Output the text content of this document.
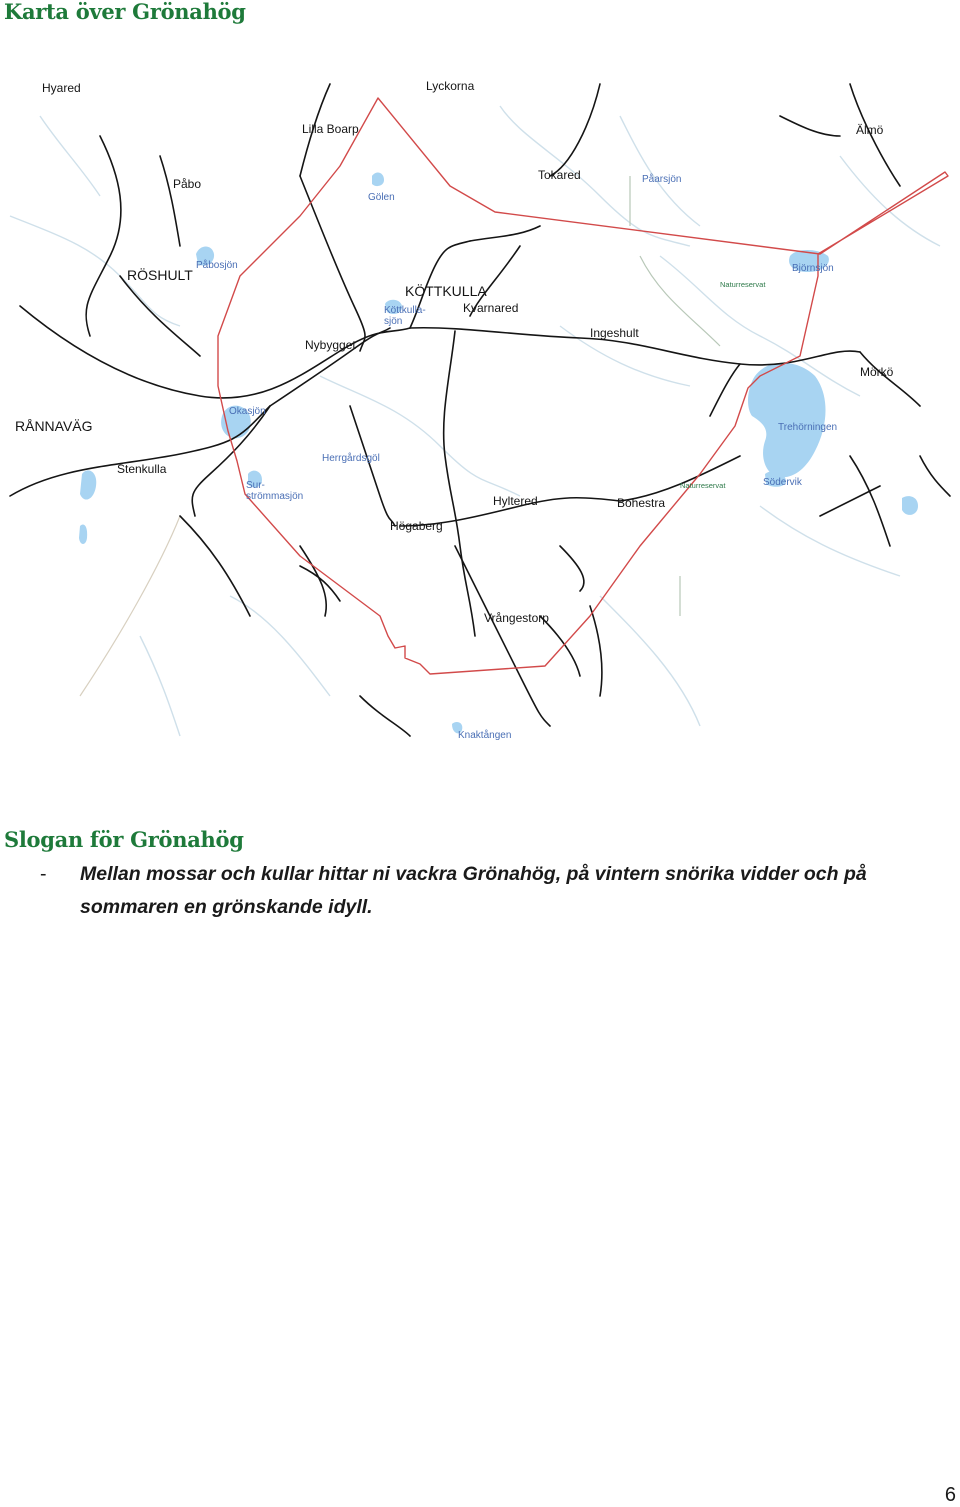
Karta över Grönahög
Hyared	Lyckorna
Lilla Boarp	Älmö
Påbo
Gölen
Tokared	Påarsjön
Påbosjön
RÖSHULT	Björnsjön
Naturreservat
KÖTTKULLA
Köttkulla-sjön
Kvarnared
Ingeshult
Nybygget
Mörkö
Okasjön
RÅNNAVÄG	Trehörningen
Herrgårdsgöl
Stenkulla
Naturreservat	Södervik
Sur-strömmasjön	Hyltered	Bohestra
Högaberg
Vrångestorp
Knaktången
Slogan för Grönahög
- Mellan mossar och kullar hittar ni vackra Grönahög, på vintern snörika vidder och på sommaren en grönskande idyll.

6
